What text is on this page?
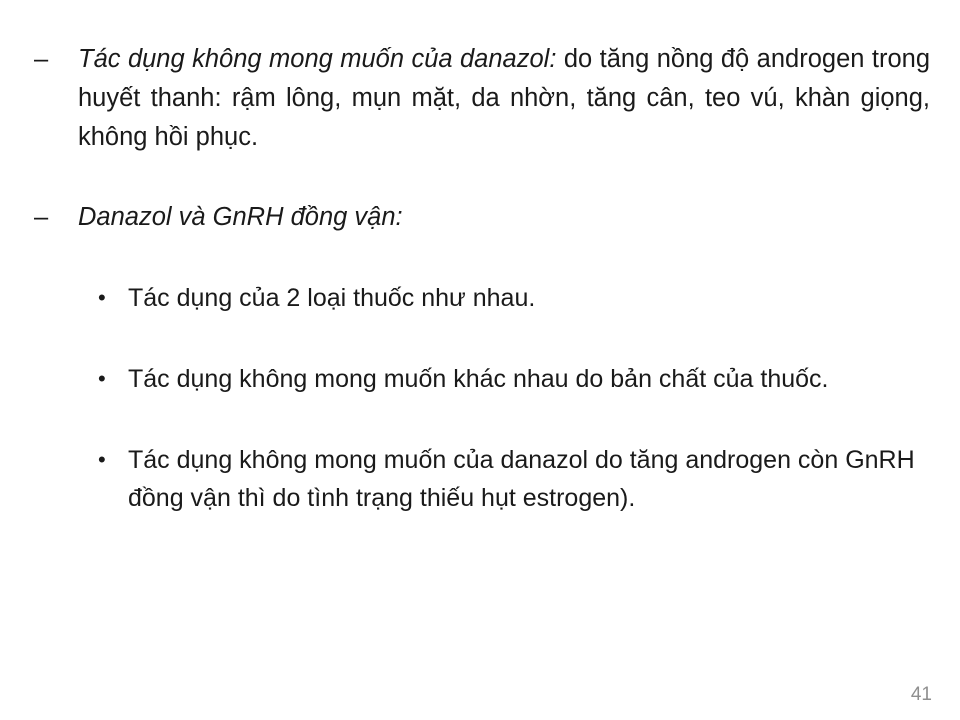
– Tác dụng không mong muốn của danazol: do tăng nồng độ androgen trong huyết thanh: rậm lông, mụn mặt, da nhờn, tăng cân, teo vú, khàn giọng, không hồi phục.
– Danazol và GnRH đồng vận:
• Tác dụng của 2 loại thuốc như nhau.
• Tác dụng không mong muốn khác nhau do bản chất của thuốc.
• Tác dụng không mong muốn của danazol do tăng androgen còn GnRH đồng vận thì do tình trạng thiếu hụt estrogen).
41
